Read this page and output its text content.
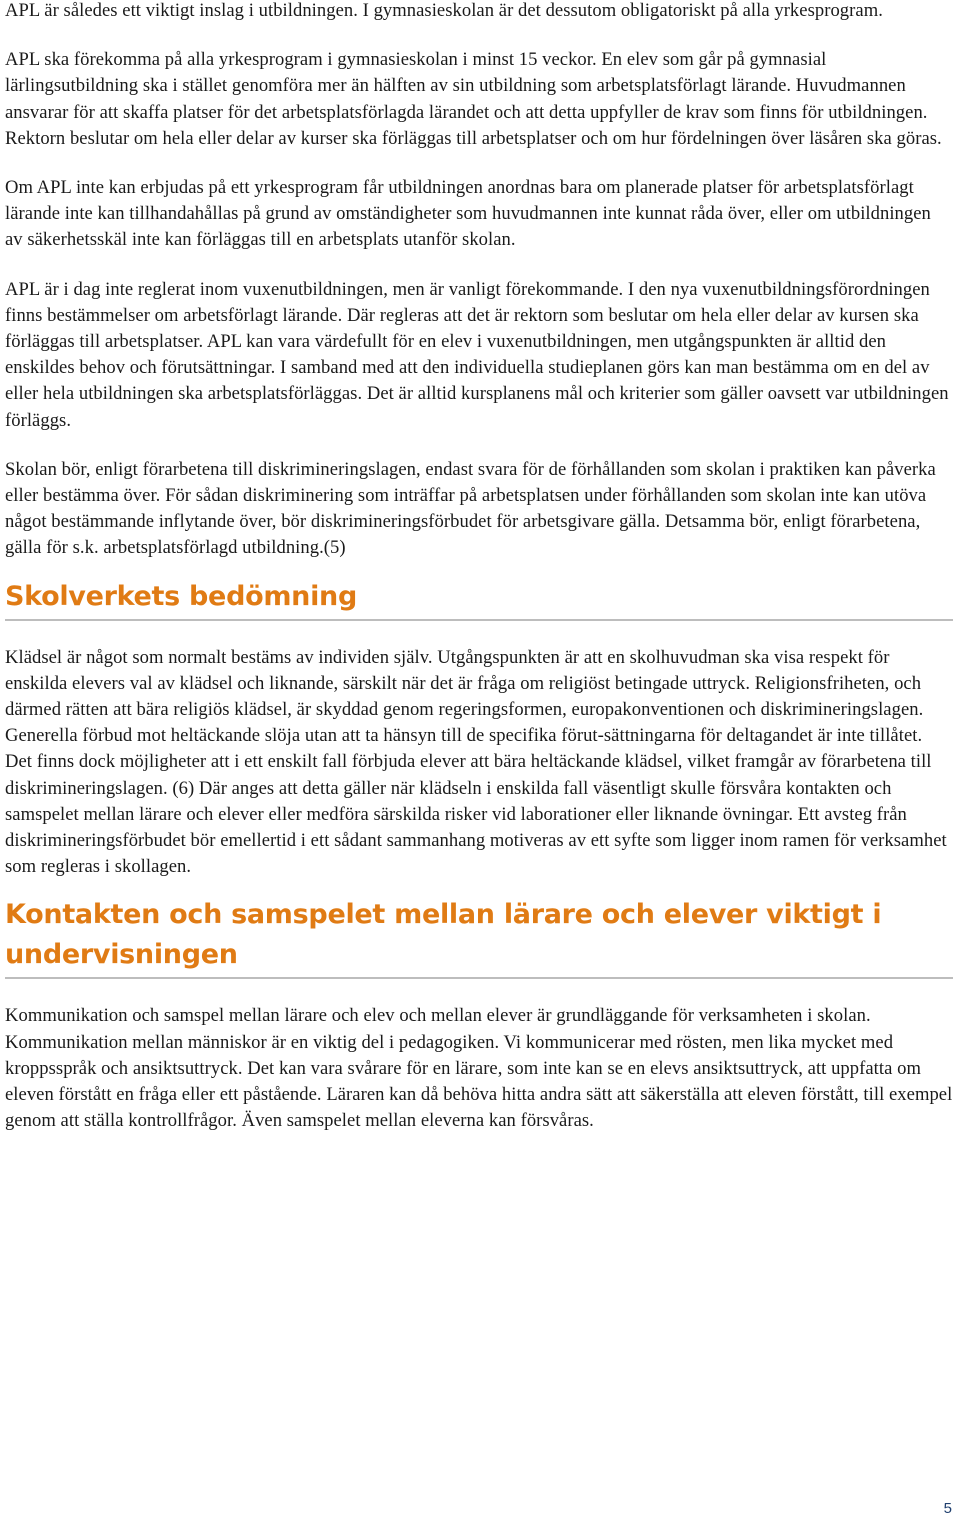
APL är således ett viktigt inslag i utbildningen. I gymnasieskolan är det dessutom obligatoriskt på alla yrkesprogram.

APL ska förekomma på alla yrkesprogram i gymnasieskolan i minst 15 veckor. En elev som går på gymnasial lärlingsutbildning ska i stället genomföra mer än hälften av sin utbildning som arbetsplatsförlagt lärande. Huvudmannen ansvarar för att skaffa platser för det arbetsplatsförlagda lärandet och att detta uppfyller de krav som finns för utbildningen. Rektorn beslutar om hela eller delar av kurser ska förläggas till arbetsplatser och om hur fördelningen över läsåren ska göras.

Om APL inte kan erbjudas på ett yrkesprogram får utbildningen anordnas bara om planerade platser för arbetsplatsförlagt lärande inte kan tillhandahållas på grund av omständigheter som huvudmannen inte kunnat råda över, eller om utbildningen av säkerhetsskäl inte kan förläggas till en arbetsplats utanför skolan.

APL är i dag inte reglerat inom vuxenutbildningen, men är vanligt förekommande. I den nya vuxenutbildningsförordningen finns bestämmelser om arbetsförlagt lärande. Där regleras att det är rektorn som beslutar om hela eller delar av kursen ska förläggas till arbetsplatser. APL kan vara värdefullt för en elev i vuxenutbildningen, men utgångspunkten är alltid den enskildes behov och förutsättningar. I samband med att den individuella studieplanen görs kan man bestämma om en del av eller hela utbildningen ska arbetsplatsförläggas. Det är alltid kursplanens mål och kriterier som gäller oavsett var utbildningen förläggs.

Skolan bör, enligt förarbetena till diskrimineringslagen, endast svara för de förhållanden som skolan i praktiken kan påverka eller bestämma över. För sådan diskriminering som inträffar på arbetsplatsen under förhållanden som skolan inte kan utöva något bestämmande inflytande över, bör diskrimineringsförbudet för arbetsgivare gälla. Detsamma bör, enligt förarbetena, gälla för s.k. arbetsplatsförlagd utbildning.(5)

Skolverkets bedömning

Klädsel är något som normalt bestäms av individen själv. Utgångspunkten är att en skolhuvudman ska visa respekt för enskilda elevers val av klädsel och liknande, särskilt när det är fråga om religiöst betingade uttryck. Religionsfriheten, och därmed rätten att bära religiös klädsel, är skyddad genom regeringsformen, europakonventionen och diskrimineringslagen.

Generella förbud mot heltäckande slöja utan att ta hänsyn till de specifika förut-sättningarna för deltagandet är inte tillåtet. Det finns dock möjligheter att i ett enskilt fall förbjuda elever att bära heltäckande klädsel, vilket framgår av förarbetena till diskrimineringslagen. (6) Där anges att detta gäller när klädseln i enskilda fall väsentligt skulle försvåra kontakten och samspelet mellan lärare och elever eller medföra särskilda risker vid laborationer eller liknande övningar. Ett avsteg från diskrimineringsförbudet bör emellertid i ett sådant sammanhang motiveras av ett syfte som ligger inom ramen för verksamhet som regleras i skollagen.

Kontakten och samspelet mellan lärare och elever viktigt i undervisningen

Kommunikation och samspel mellan lärare och elev och mellan elever är grundläggande för verksamheten i skolan. Kommunikation mellan människor är en viktig del i pedagogiken. Vi kommunicerar med rösten, men lika mycket med kroppsspråk och ansiktsuttryck. Det kan vara svårare för en lärare, som inte kan se en elevs ansiktsuttryck, att uppfatta om eleven förstått en fråga eller ett påstående. Läraren kan då behöva hitta andra sätt att säkerställa att eleven förstått, till exempel genom att ställa kontrollfrågor. Även samspelet mellan eleverna kan försvåras.

5
